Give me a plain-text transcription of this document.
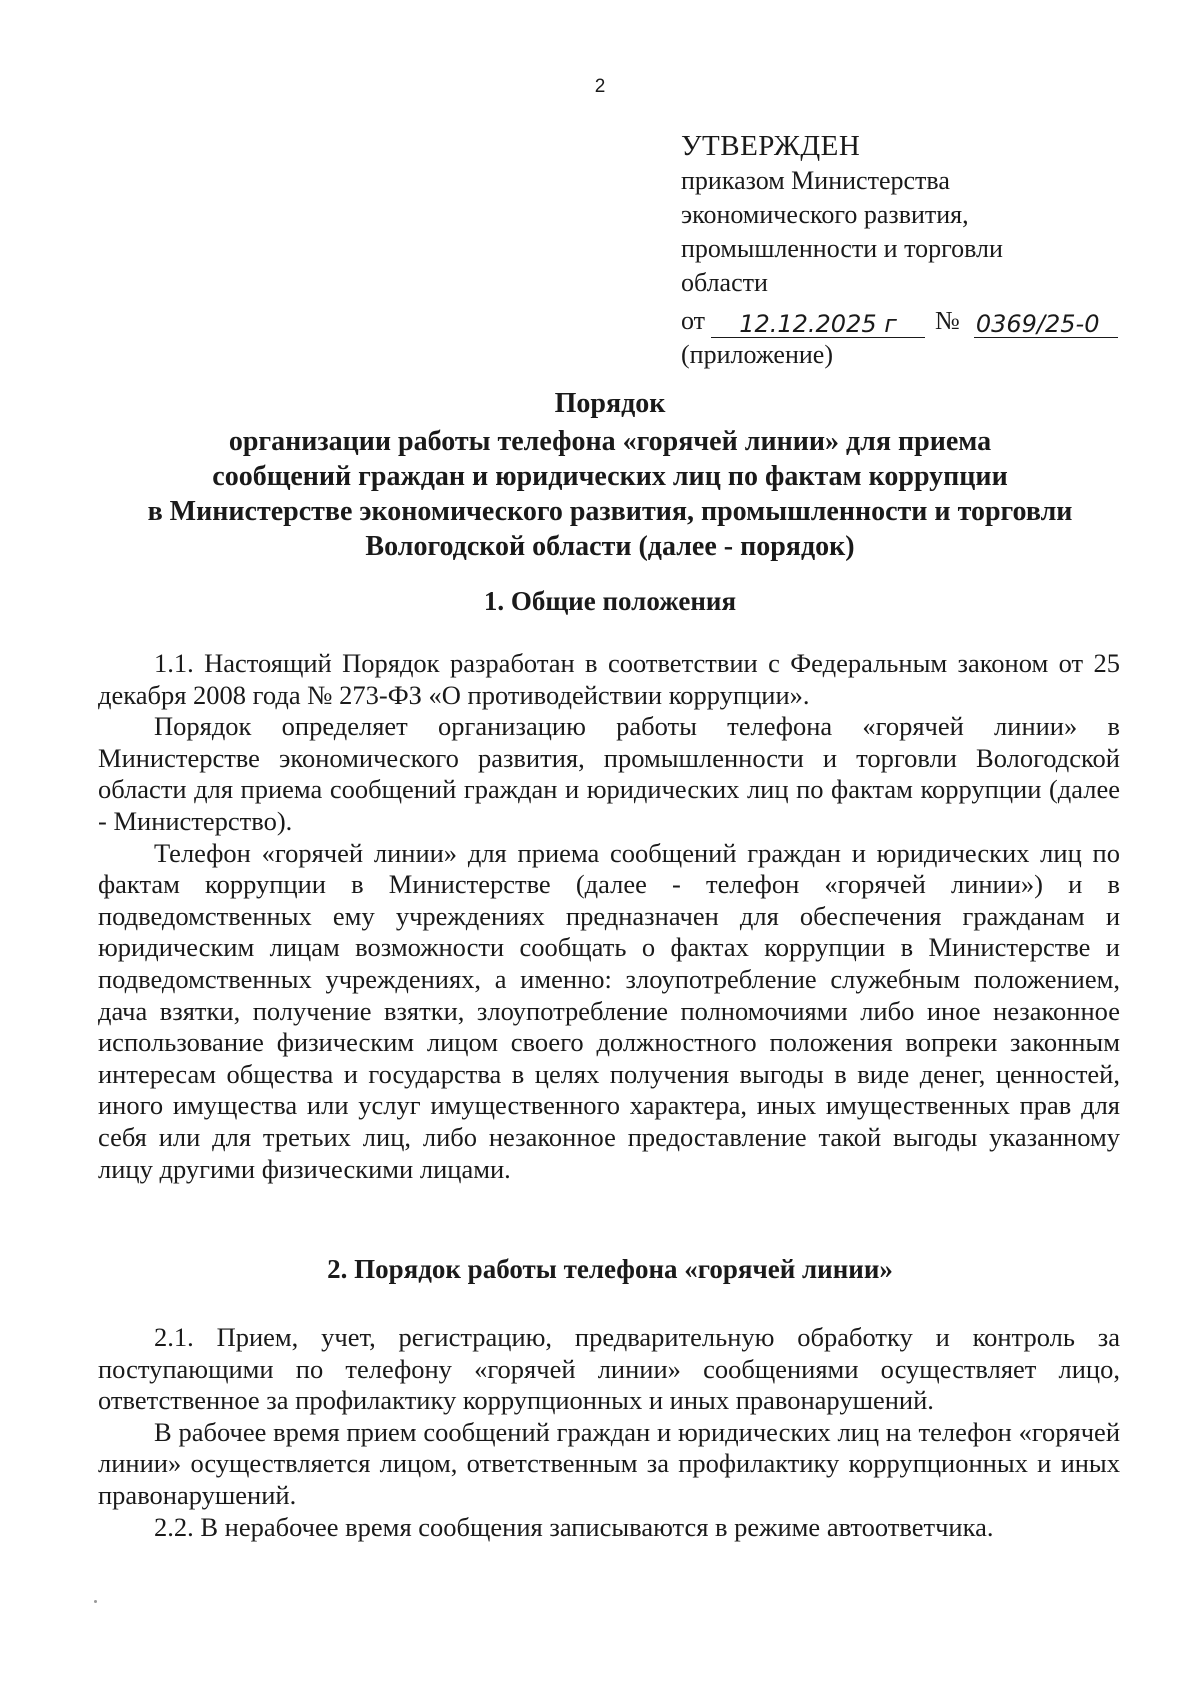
2
УТВЕРЖДЕН
приказом Министерства
экономического развития,
промышленности и торговли
области
от	12.12.2025 г	№ 0369/25-0
(приложение)
Порядок
организации работы телефона «горячей линии» для приема
сообщений граждан и юридических лиц по фактам коррупции
в Министерстве экономического развития, промышленности и торговли
Вологодской области (далее - порядок)
1. Общие положения

1.1. Настоящий Порядок разработан в соответствии с Федеральным законом от 25 декабря 2008 года № 273-ФЗ «О противодействии коррупции».

Порядок определяет организацию работы телефона «горячей линии» в Министерстве экономического развития, промышленности и торговли Вологодской области для приема сообщений граждан и юридических лиц по фактам коррупции (далее - Министерство).

Телефон «горячей линии» для приема сообщений граждан и юридических лиц по фактам коррупции в Министерстве (далее - телефон «горячей линии») и в подведомственных ему учреждениях предназначен для обеспечения гражданам и юридическим лицам возможности сообщать о фактах коррупции в Министерстве и подведомственных учреждениях, а именно: злоупотребление служебным положением, дача взятки, получение взятки, злоупотребление полномочиями либо иное незаконное использование физическим лицом своего должностного положения вопреки законным интересам общества и государства в целях получения выгоды в виде денег, ценностей, иного имущества или услуг имущественного характера, иных имущественных прав для себя или для третьих лиц, либо незаконное предоставление такой выгоды указанному лицу другими физическими лицами.

2. Порядок работы телефона «горячей линии»

2.1. Прием, учет, регистрацию, предварительную обработку и контроль за поступающими по телефону «горячей линии» сообщениями осуществляет лицо, ответственное за профилактику коррупционных и иных правонарушений.

В рабочее время прием сообщений граждан и юридических лиц на телефон «горячей линии» осуществляется лицом, ответственным за профилактику коррупционных и иных правонарушений.

2.2. В нерабочее время сообщения записываются в режиме автоответчика.
